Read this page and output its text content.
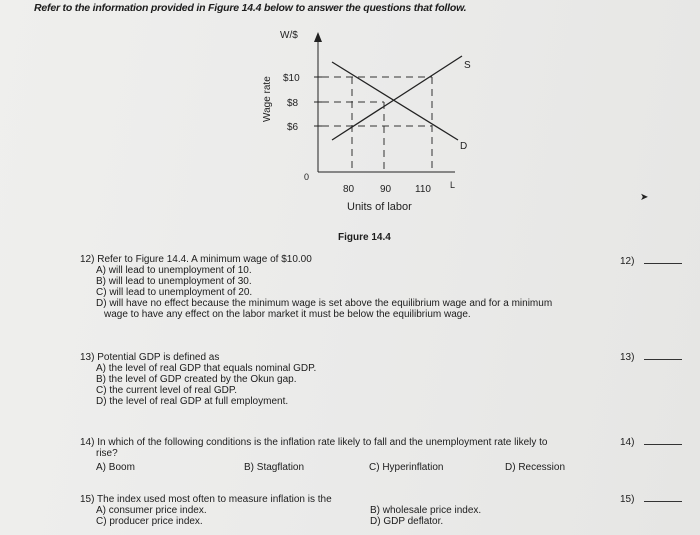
Refer to the information provided in Figure 14.4 below to answer the questions that follow.
W/$
Wage rate
0
L
Units of labor
$10
$8
$6
80	90 110
S
D
Figure 14.4
12) Refer to Figure 14.4. A minimum wage of $10.00
A) will lead to unemployment of 10.
B) will lead to unemployment of 30.
C) will lead to unemployment of 20.
D) will have no effect because the minimum wage is set above the equilibrium wage and for a minimum
wage to have any effect on the labor market it must be below the equilibrium wage.
12)
13) Potential GDP is defined as
A) the level of real GDP that equals nominal GDP.
B) the level of GDP created by the Okun gap.
C) the current level of real GDP.
D) the level of real GDP at full employment.
13)
14) In which of the following conditions is the inflation rate likely to fall and the unemployment rate likely to
rise?
A) Boom	B) Stagflation	C) Hyperinflation	D) Recession
14)
15) The index used most often to measure inflation is the
A) consumer price index.
C) producer price index.
B) wholesale price index.
D) GDP deflator.
15)
➤
